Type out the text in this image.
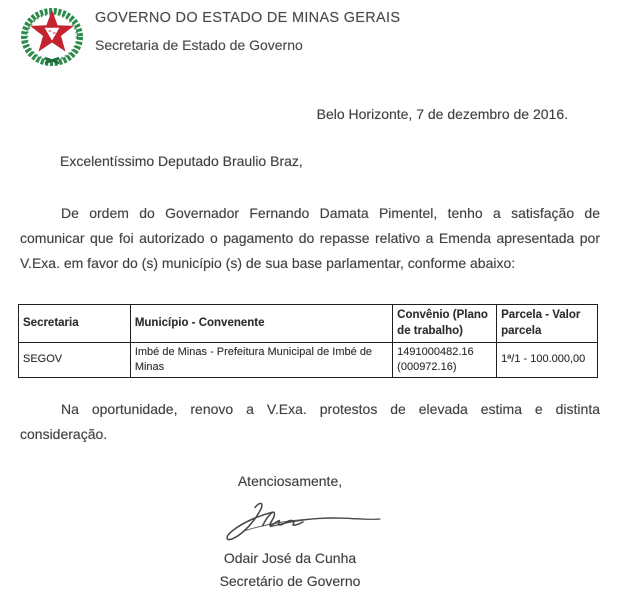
GOVERNO DO ESTADO DE MINAS GERAIS
Secretaria de Estado de Governo
Belo Horizonte, 7 de dezembro de 2016.
Excelentíssimo Deputado Braulio Braz,

De ordem do Governador Fernando Damata Pimentel, tenho a satisfação de comunicar que foi autorizado o pagamento do repasse relativo a Emenda apresentada por V.Exa. em favor do (s) município (s) de sua base parlamentar, conforme abaixo:

Secretaria	Município - Convenente	Convênio (Plano de trabalho)	Parcela - Valor parcela
SEGOV	Imbé de Minas - Prefeitura Municipal de Imbé de Minas	1491000482.16 (000972.16)	1ª/1 - 100.000,00

Na oportunidade, renovo a V.Exa. protestos de elevada estima e distinta consideração.

Atenciosamente,
Odair José da Cunha
Secretário de Governo
